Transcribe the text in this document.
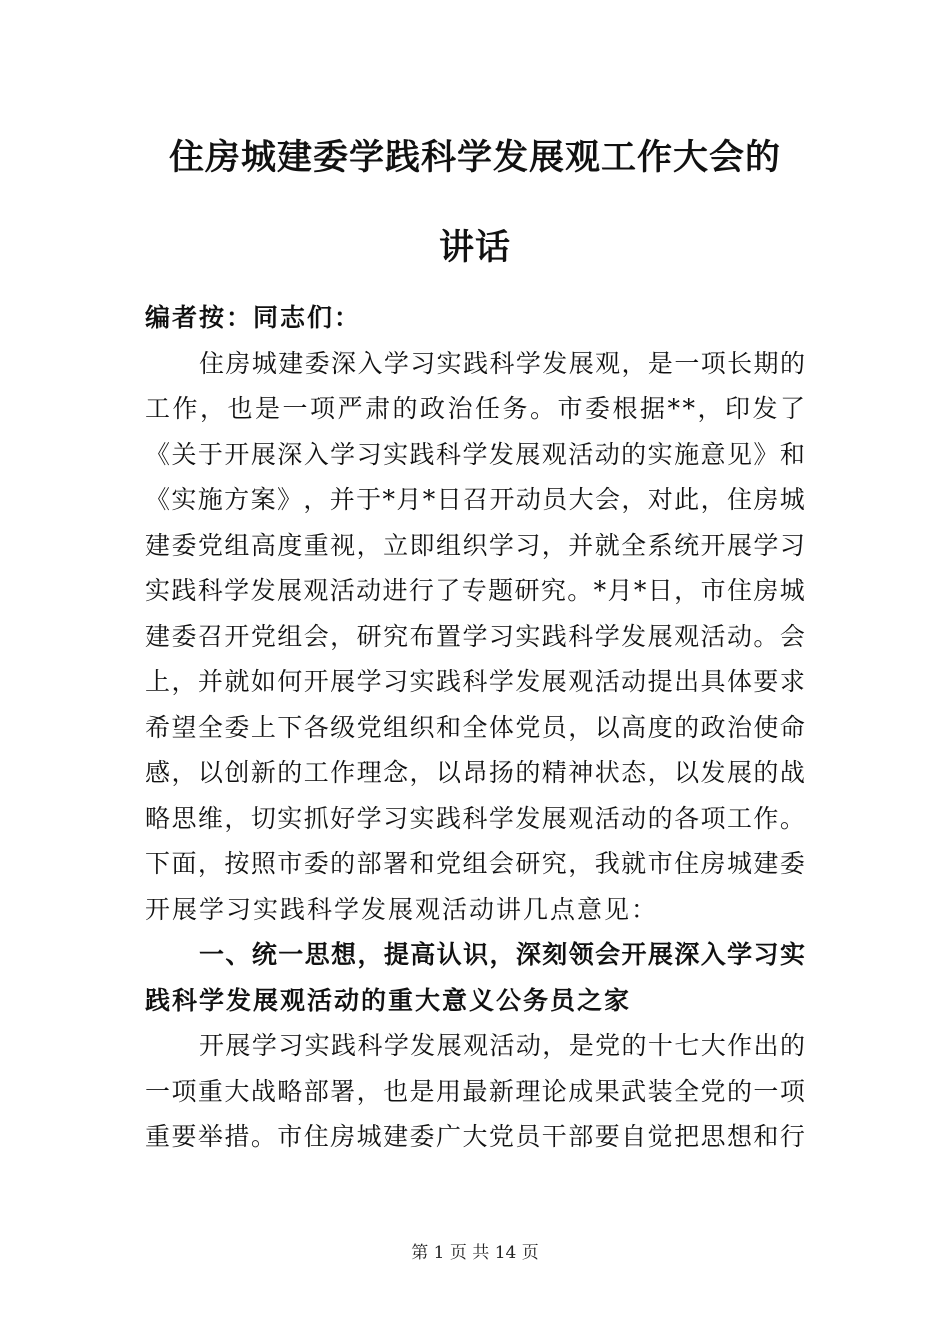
住房城建委学践科学发展观工作大会的
讲话
编者按：同志们：
住 房 城 建 委 深 入 学 习 实 践 科 学 发 展 观 ， 是 一 项 长 期 的
工 作 ， 也 是 一 项 严 肃 的 政 治 任 务 。 市 委 根 据 * * ， 印 发 了
《 关 于 开 展 深 入 学 习 实 践 科 学 发 展 观 活 动 的 实 施 意 见 》 和
《 实 施 方 案 》 ， 并 于 * 月 * 日 召 开 动 员 大 会 ， 对 此 ， 住 房 城
建 委 党 组 高 度 重 视 ， 立 即 组 织 学 习 ， 并 就 全 系 统 开 展 学 习
实 践 科 学 发 展 观 活 动 进 行 了 专 题 研 究 。 * 月 * 日 ， 市 住 房 城
建 委 召 开 党 组 会 ， 研 究 布 置 学 习 实 践 科 学 发 展 观 活 动 。 会
上 ， 并 就 如 何 开 展 学 习 实 践 科 学 发 展 观 活 动 提 出 具 体 要 求
希 望 全 委 上 下 各 级 党 组 织 和 全 体 党 员 ， 以 高 度 的 政 治 使 命
感 ， 以 创 新 的 工 作 理 念 ， 以 昂 扬 的 精 神 状 态 ， 以 发 展 的 战
略 思 维 ， 切 实 抓 好 学 习 实 践 科 学 发 展 观 活 动 的 各 项 工 作 。
下 面 ， 按 照 市 委 的 部 署 和 党 组 会 研 究 ， 我 就 市 住 房 城 建 委
开展学习实践科学发展观活动讲几点意见：
一 、 统 一 思 想 ， 提 高 认 识 ， 深 刻 领 会 开 展 深 入 学 习 实
践科学发展观活动的重大意义公务员之家
开 展 学 习 实 践 科 学 发 展 观 活 动 ， 是 党 的 十 七 大 作 出 的
一 项 重 大 战 略 部 署 ， 也 是 用 最 新 理 论 成 果 武 装 全 党 的 一 项
重 要 举 措 。 市 住 房 城 建 委 广 大 党 员 干 部 要 自 觉 把 思 想 和 行
第 1 页 共 14 页
